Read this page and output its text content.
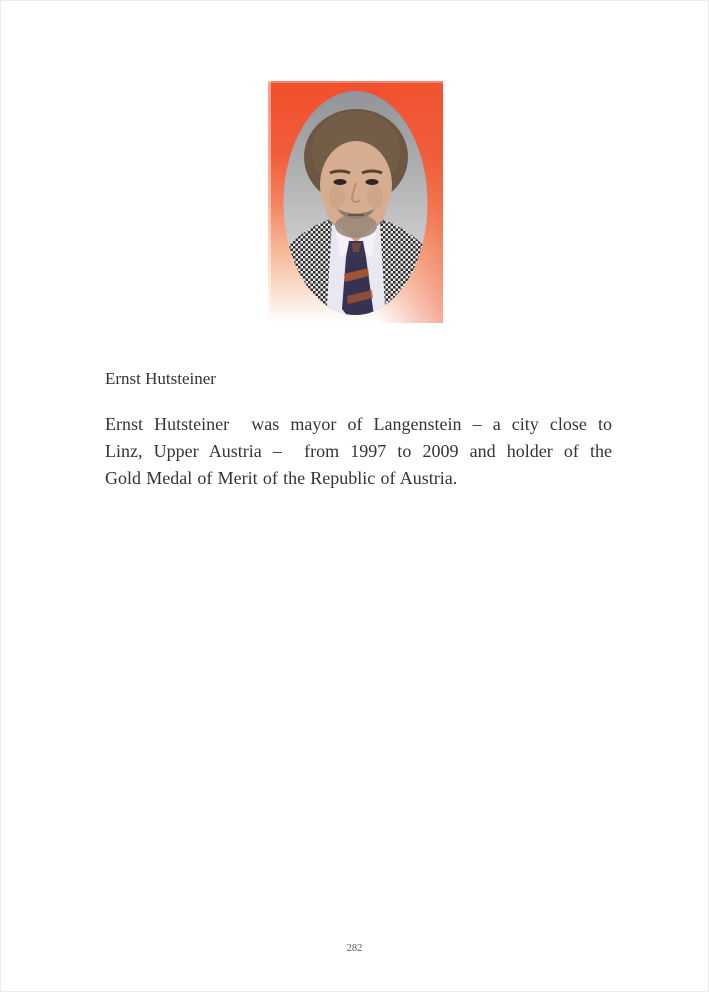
Ernst Hutsteiner
Ernst Hutsteiner  was mayor of Langenstein – a city close to
Linz, Upper Austria –  from 1997 to 2009 and holder of the
Gold Medal of Merit of the Republic of Austria.
282
